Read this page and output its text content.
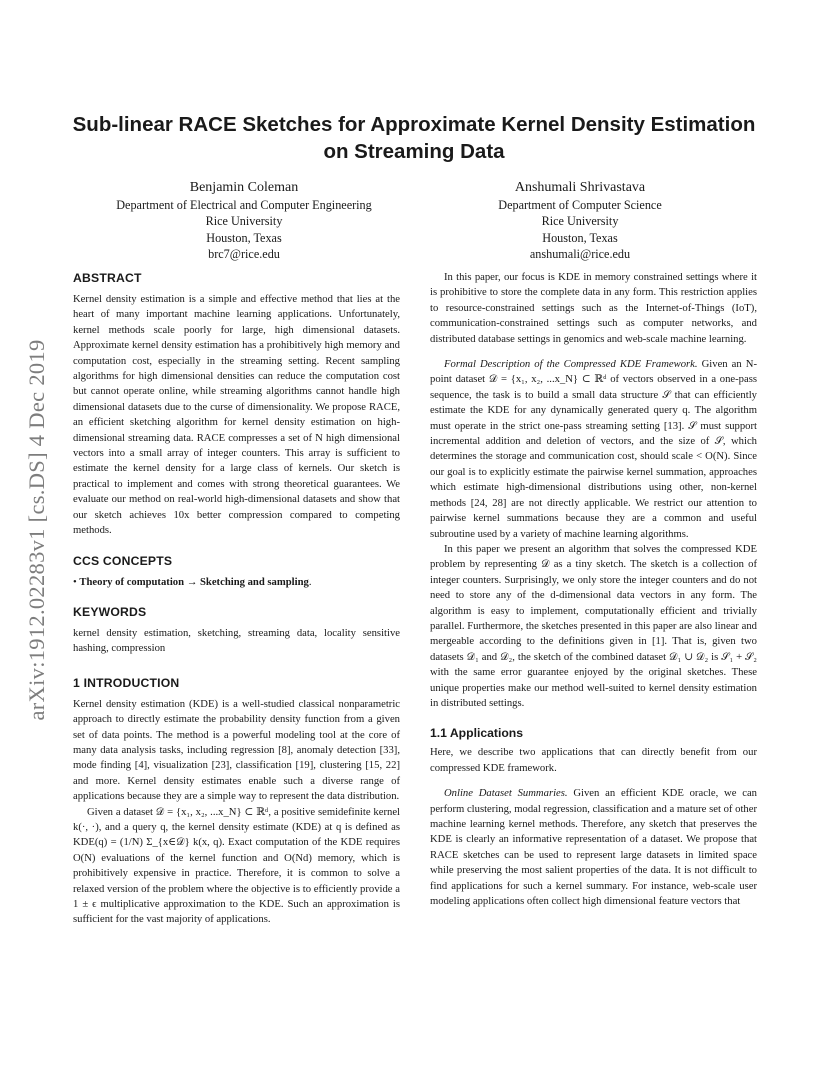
arXiv:1912.02283v1 [cs.DS] 4 Dec 2019
Sub-linear RACE Sketches for Approximate Kernel Density Estimation on Streaming Data
Benjamin Coleman
Department of Electrical and Computer Engineering
Rice University
Houston, Texas
brc7@rice.edu
Anshumali Shrivastava
Department of Computer Science
Rice University
Houston, Texas
anshumali@rice.edu
ABSTRACT

Kernel density estimation is a simple and effective method that lies at the heart of many important machine learning applications. Unfortunately, kernel methods scale poorly for large, high dimensional datasets. Approximate kernel density estimation has a prohibitively high memory and computation cost, especially in the streaming setting. Recent sampling algorithms for high dimensional densities can reduce the computation cost but cannot operate online, while streaming algorithms cannot handle high dimensional datasets due to the curse of dimensionality. We propose RACE, an efficient sketching algorithm for kernel density estimation on high-dimensional streaming data. RACE compresses a set of N high dimensional vectors into a small array of integer counters. This array is sufficient to estimate the kernel density for a large class of kernels. Our sketch is practical to implement and comes with strong theoretical guarantees. We evaluate our method on real-world high-dimensional datasets and show that our sketch achieves 10x better compression compared to competing methods.

CCS CONCEPTS

• Theory of computation → Sketching and sampling.

KEYWORDS

kernel density estimation, sketching, streaming data, locality sensitive hashing, compression

1 INTRODUCTION

Kernel density estimation (KDE) is a well-studied classical nonparametric approach to directly estimate the probability density function from a given set of data points. The method is a powerful modeling tool at the core of many data analysis tasks, including regression [8], anomaly detection [33], mode finding [4], visualization [23], classification [19], clustering [15, 22] and more. Kernel density estimates enable such a diverse range of applications because they are a simple way to represent the data distribution.

Given a dataset 𝒟 = {x₁, x₂, ...x_N} ⊂ ℝᵈ, a positive semidefinite kernel k(·, ·), and a query q, the kernel density estimate (KDE) at q is defined as KDE(q) = (1/N) Σ_{x∈𝒟} k(x, q). Exact computation of the KDE requires O(N) evaluations of the kernel function and O(Nd) memory, which is prohibitively expensive in practice. Therefore, it is common to solve a relaxed version of the problem where the objective is to efficiently provide a 1 ± ϵ multiplicative approximation to the KDE. Such an approximation is sufficient for the vast majority of applications.

In this paper, our focus is KDE in memory constrained settings where it is prohibitive to store the complete data in any form. This restriction applies to resource-constrained settings such as the Internet-of-Things (IoT), communication-constrained settings such as computer networks, and distributed database settings in genomics and web-scale machine learning.

Formal Description of the Compressed KDE Framework. Given an N-point dataset 𝒟 = {x₁, x₂, ...x_N} ⊂ ℝᵈ of vectors observed in a one-pass sequence, the task is to build a small data structure 𝒮 that can efficiently estimate the KDE for any dynamically generated query q. The algorithm must operate in the strict one-pass streaming setting [13]. 𝒮 must support incremental addition and deletion of vectors, and the size of 𝒮, which determines the storage and communication cost, should scale < O(N). Since our goal is to explicitly estimate the pairwise kernel summation, approaches which estimate high-dimensional distributions using other, non-kernel methods [24, 28] are not directly applicable. We restrict our attention to pairwise kernel summations because they are a common and useful subroutine used by a variety of machine learning algorithms.

In this paper we present an algorithm that solves the compressed KDE problem by representing 𝒟 as a tiny sketch. The sketch is a collection of integer counters. Surprisingly, we only store the integer counters and do not need to store any of the d-dimensional data vectors in any form. The algorithm is easy to implement, computationally efficient and trivially parallel. Furthermore, the sketches presented in this paper are also linear and mergeable according to the definitions given in [1]. That is, given two datasets 𝒟₁ and 𝒟₂, the sketch of the combined dataset 𝒟₁ ∪ 𝒟₂ is 𝒮₁ + 𝒮₂ with the same error guarantee enjoyed by the original sketches. These unique properties make our method well-suited to kernel density estimation in distributed settings.

1.1 Applications

Here, we describe two applications that can directly benefit from our compressed KDE framework.

Online Dataset Summaries. Given an efficient KDE oracle, we can perform clustering, modal regression, classification and a mature set of other machine learning kernel methods. Therefore, any sketch that preserves the KDE is clearly an informative representation of a dataset. We propose that RACE sketches can be used to represent large datasets in limited space while preserving the most salient properties of the data. It is not difficult to find applications for such a kernel summary. For instance, web-scale user modeling applications often collect high dimensional feature vectors that
